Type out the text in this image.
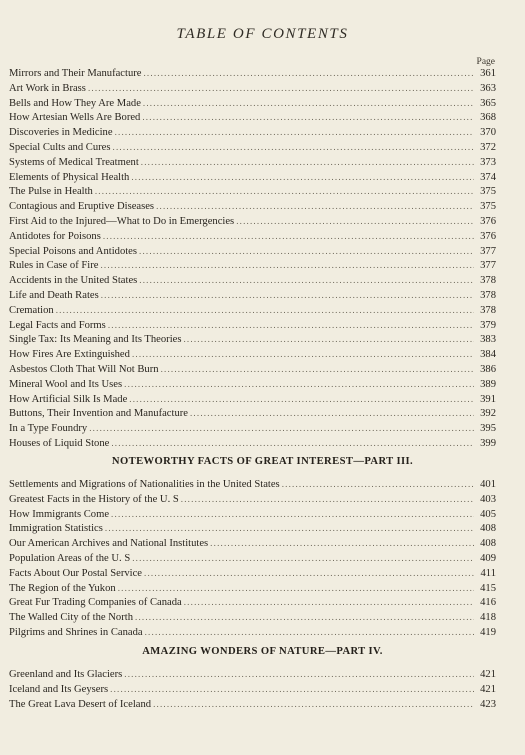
TABLE OF CONTENTS
Page
Mirrors and Their Manufacture .....	361
Art Work in Brass .....	363
Bells and How They Are Made .....	365
How Artesian Wells Are Bored .....	368
Discoveries in Medicine .....	370
Special Cults and Cures .....	372
Systems of Medical Treatment .....	373
Elements of Physical Health .....	374
The Pulse in Health .....	375
Contagious and Eruptive Diseases .....	375
First Aid to the Injured—What to Do in Emergencies .....	376
Antidotes for Poisons .....	376
Special Poisons and Antidotes .....	377
Rules in Case of Fire .....	377
Accidents in the United States .....	378
Life and Death Rates .....	378
Cremation .....	378
Legal Facts and Forms .....	379
Single Tax: Its Meaning and Its Theories .....	383
How Fires Are Extinguished .....	384
Asbestos Cloth That Will Not Burn .....	386
Mineral Wool and Its Uses .....	389
How Artificial Silk Is Made .....	391
Buttons, Their Invention and Manufacture .....	392
In a Type Foundry .....	395
Houses of Liquid Stone .....	399
NOTEWORTHY FACTS OF GREAT INTEREST—PART III.
Settlements and Migrations of Nationalities in the United States .....	401
Greatest Facts in the History of the U. S .....	403
How Immigrants Come .....	405
Immigration Statistics .....	408
Our American Archives and National Institutes .....	408
Population Areas of the U. S .....	409
Facts About Our Postal Service .....	411
The Region of the Yukon .....	415
Great Fur Trading Companies of Canada .....	416
The Walled City of the North .....	418
Pilgrims and Shrines in Canada .....	419
AMAZING WONDERS OF NATURE—PART IV.
Greenland and Its Glaciers .....	421
Iceland and Its Geysers .....	421
The Great Lava Desert of Iceland .....	423
